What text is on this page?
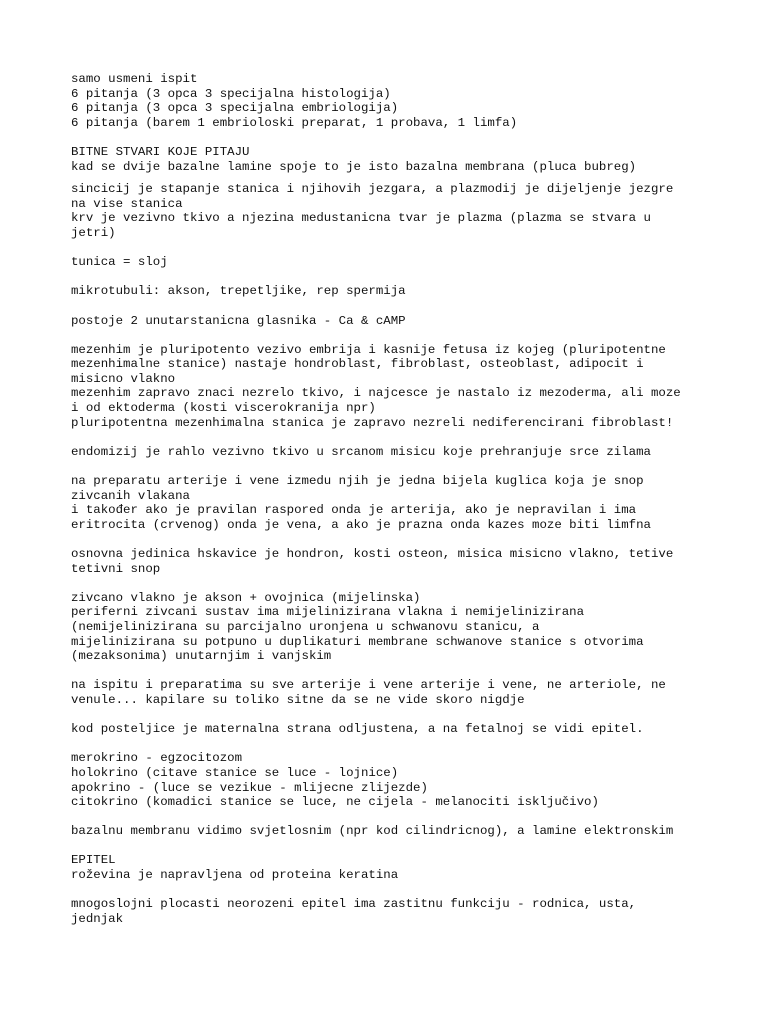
samo usmeni ispit
6 pitanja (3 opca 3 specijalna histologija)
6 pitanja (3 opca 3 specijalna embriologija)
6 pitanja (barem 1 embrioloski preparat, 1 probava, 1 limfa)
BITNE STVARI KOJE PITAJU
kad se dvije bazalne lamine spoje to je isto bazalna membrana (pluca bubreg)
sincicij je stapanje stanica i njihovih jezgara, a plazmodij je dijeljenje jezgre
na vise stanica
krv je vezivno tkivo a njezina medustanicna tvar je plazma (plazma se stvara u
jetri)
tunica = sloj
mikrotubuli: akson, trepetljike, rep spermija
postoje 2 unutarstanicna glasnika - Ca & cAMP
mezenhim je pluripotento vezivo embrija i kasnije fetusa iz kojeg (pluripotentne
mezenhimalne stanice) nastaje hondroblast, fibroblast, osteoblast, adipocit i
misicno vlakno
mezenhim zapravo znaci nezrelo tkivo, i najcesce je nastalo iz mezoderma, ali moze
i od ektoderma (kosti viscerokranija npr)
pluripotentna mezenhimalna stanica je zapravo nezreli nediferencirani fibroblast!
endomizij je rahlo vezivno tkivo u srcanom misicu koje prehranjuje srce zilama
na preparatu arterije i vene izmedu njih je jedna bijela kuglica koja je snop
zivcanih vlakana
i također ako je pravilan raspored onda je arterija, ako je nepravilan i ima
eritrocita (crvenog) onda je vena, a ako je prazna onda kazes moze biti limfna
osnovna jedinica hskavice je hondron, kosti osteon, misica misicno vlakno, tetive
tetivni snop
zivcano vlakno je akson + ovojnica (mijelinska)
periferni zivcani sustav ima mijelinizirana vlakna i nemijelinizirana
(nemijelinizirana su parcijalno uronjena u schwanovu stanicu, a
mijelinizirana su potpuno u duplikaturi membrane schwanove stanice s otvorima
(mezaksonima) unutarnjim i vanjskim
na ispitu i preparatima su sve arterije i vene arterije i vene, ne arteriole, ne
venule... kapilare su toliko sitne da se ne vide skoro nigdje
kod posteljice je maternalna strana odljustena, a na fetalnoj se vidi epitel.
merokrino - egzocitozom
holokrino (citave stanice se luce - lojnice)
apokrino - (luce se vezikue - mlijecne zlijezde)
citokrino (komadici stanice se luce, ne cijela - melanociti isključivo)
bazalnu membranu vidimo svjetlosnim (npr kod cilindricnog), a lamine elektronskim
EPITEL
roževina je napravljena od proteina keratina
mnogoslojni plocasti neorozeni epitel ima zastitnu funkciju - rodnica, usta,
jednjak
